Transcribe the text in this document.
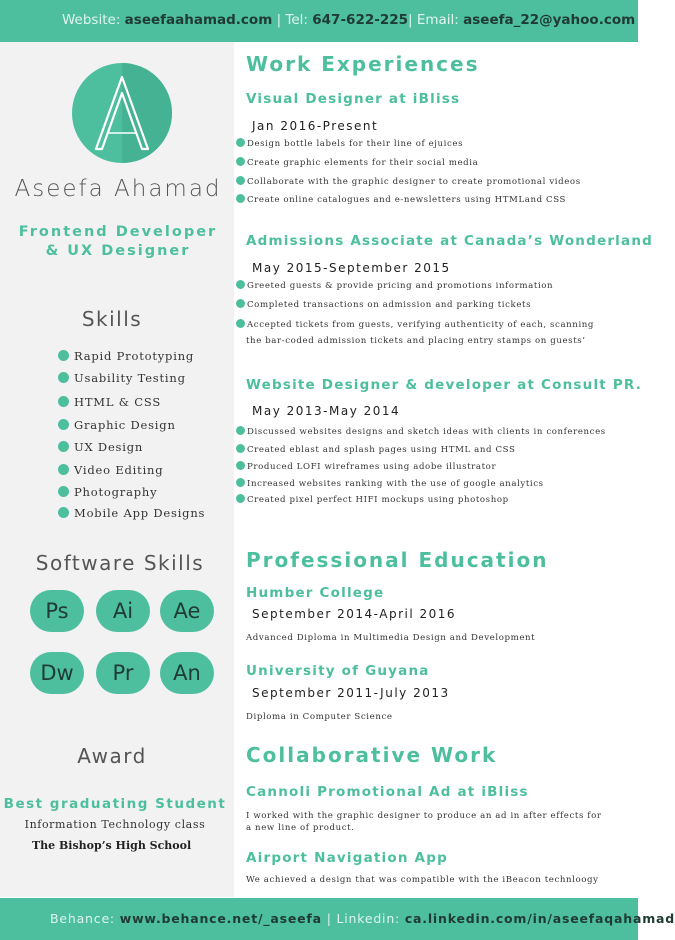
Website: aseefaahamad.com | Tel: 647-622-225| Email: aseefa_22@yahoo.com
Aseefa Ahamad
Frontend Developer
& UX Designer
Skills
Rapid Prototyping
Usability Testing
HTML & CSS
Graphic Design
UX Design
Video Editing
Photography
Mobile App Designs
Software Skills
Ps	Ai	Ae
Dw	Pr	An
Award
Best graduating Student
Information Technology class
The Bishop’s High School
Work Experiences
Visual Designer at iBliss
Jan 2016-Present
Design bottle labels for their line of ejuices
Create graphic elements for their social media
Collaborate with the graphic designer to create promotional videos
Create online catalogues and e-newsletters using HTMLand CSS
Admissions Associate at Canada’s Wonderland
May 2015-September 2015
Greeted guests & provide pricing and promotions information
Completed transactions on admission and parking tickets
Accepted tickets from guests, verifying authenticity of each, scanning
the bar-coded admission tickets and placing entry stamps on guests’
Website Designer & developer at Consult PR.
May 2013-May 2014
Discussed websites designs and sketch ideas with clients in conferences
Created eblast and splash pages using HTML and CSS
Produced LOFI wireframes using adobe illustrator
Increased websites ranking with the use of google analytics
Created pixel perfect HIFI mockups using photoshop
Professional Education
Humber College
September 2014-April 2016
Advanced Diploma in Multimedia Design and Development
University of Guyana
September 2011-July 2013
Diploma in Computer Science
Collaborative Work
Cannoli Promotional Ad at iBliss
I worked with the graphic designer to produce an ad in after effects for
a new line of product.
Airport Navigation App
We achieved a design that was compatible with the iBeacon technloogy
Behance: www.behance.net/_aseefa | Linkedin: ca.linkedin.com/in/aseefaqahamad
